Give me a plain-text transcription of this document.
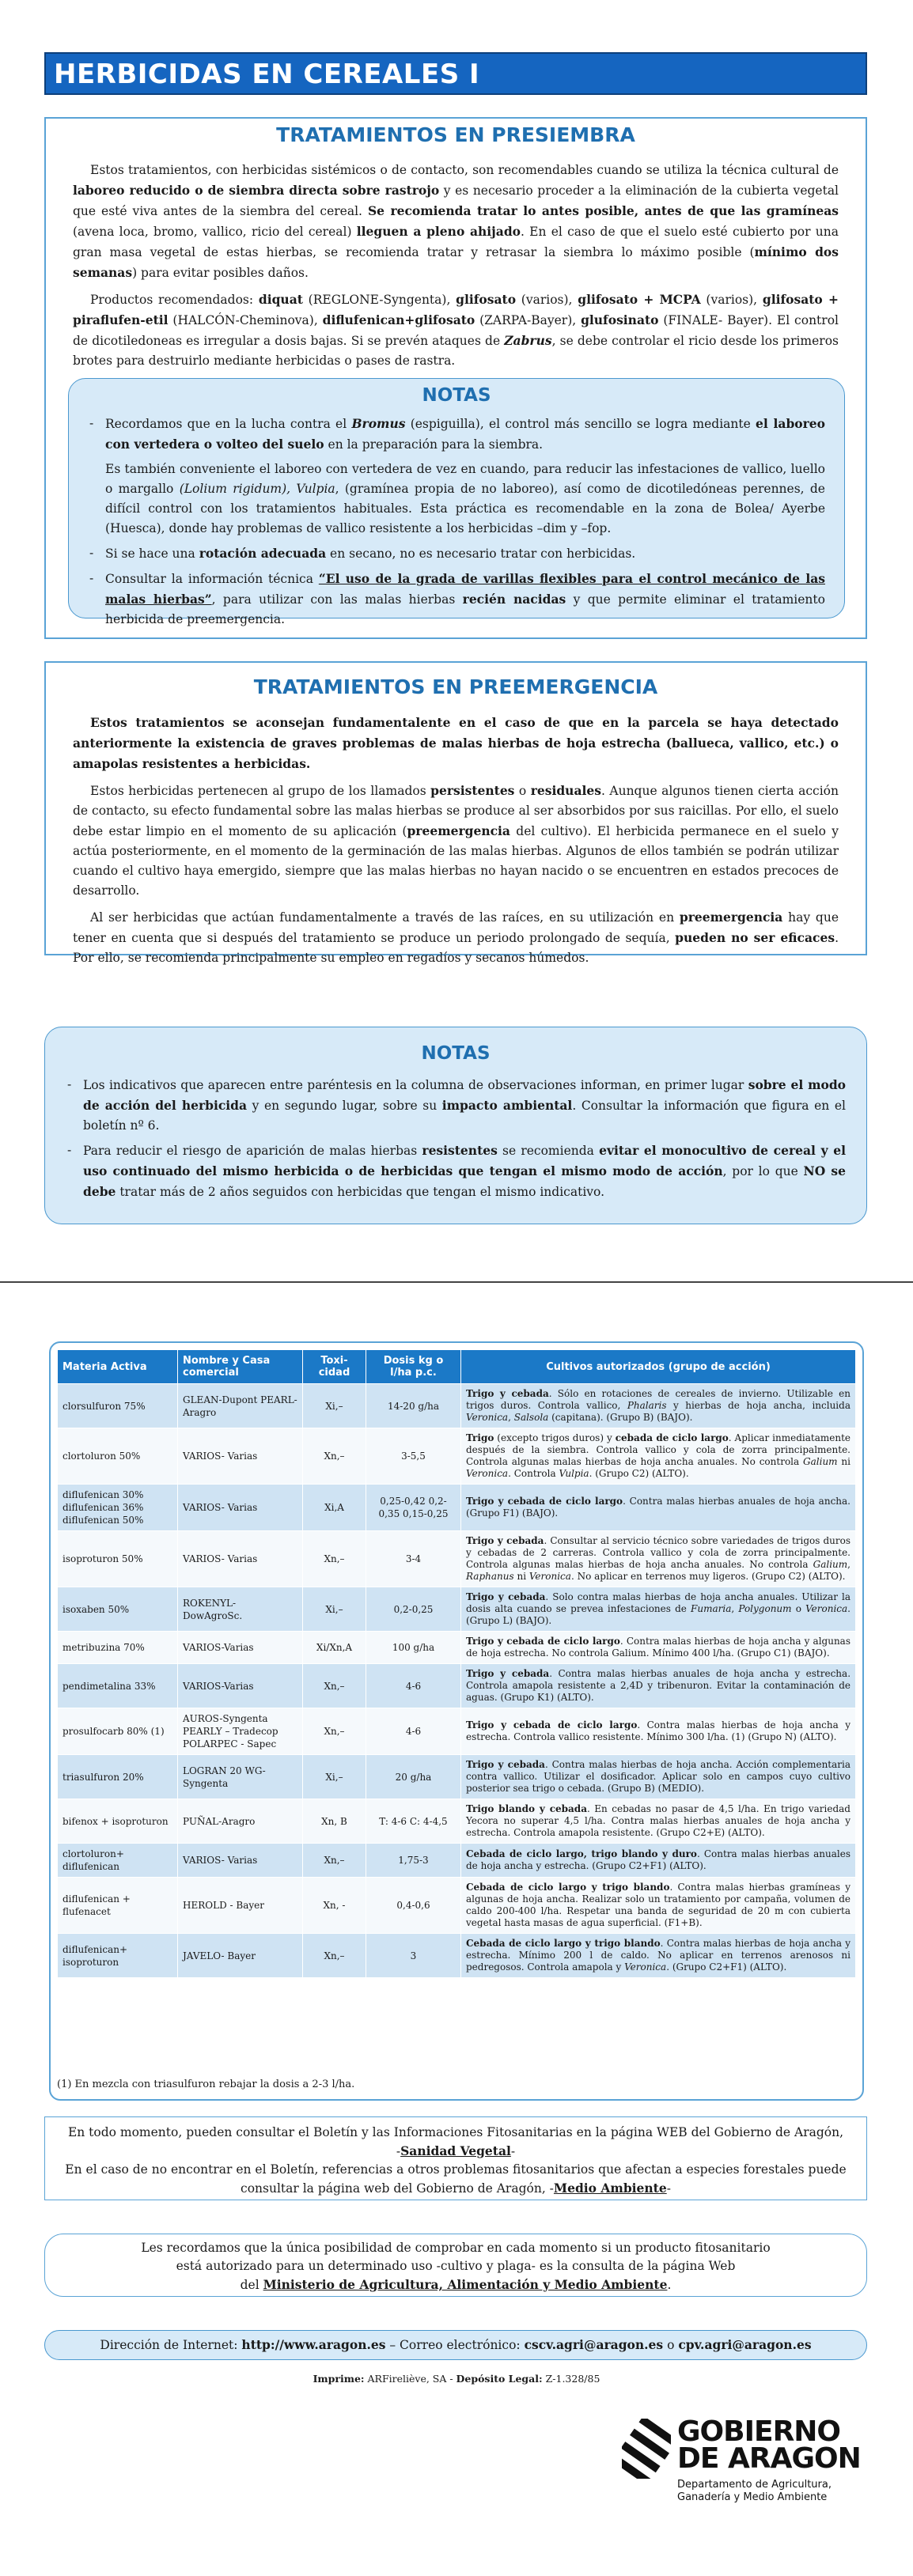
HERBICIDAS EN CEREALES I
TRATAMIENTOS EN PRESIEMBRA

Estos tratamientos, con herbicidas sistémicos o de contacto, son recomendables cuando se utiliza la técnica cultural de laboreo reducido o de siembra directa sobre rastrojo y es necesario proceder a la eliminación de la cubierta vegetal que esté viva antes de la siembra del cereal. Se recomienda tratar lo antes posible, antes de que las gramíneas (avena loca, bromo, vallico, ricio del cereal) lleguen a pleno ahijado. En el caso de que el suelo esté cubierto por una gran masa vegetal de estas hierbas, se recomienda tratar y retrasar la siembra lo máximo posible (mínimo dos semanas) para evitar posibles daños.

Productos recomendados: diquat (REGLONE-Syngenta), glifosato (varios), glifosato + MCPA (varios), glifosato + piraflufen-etil (HALCÓN-Cheminova), diflufenican+glifosato (ZARPA-Bayer), glufosinato (FINALE- Bayer). El control de dicotiledoneas es irregular a dosis bajas. Si se prevén ataques de Zabrus, se debe controlar el ricio desde los primeros brotes para destruirlo mediante herbicidas o pases de rastra.

NOTAS
- Recordamos que en la lucha contra el Bromus (espiguilla), el control más sencillo se logra mediante el laboreo con vertedera o volteo del suelo en la preparación para la siembra.
Es también conveniente el laboreo con vertedera de vez en cuando, para reducir las infestaciones de vallico, luello o margallo (Lolium rigidum), Vulpia, (gramínea propia de no laboreo), así como de dicotiledóneas perennes, de difícil control con los tratamientos habituales. Esta práctica es recomendable en la zona de Bolea/ Ayerbe (Huesca), donde hay problemas de vallico resistente a los herbicidas –dim y –fop.
- Si se hace una rotación adecuada en secano, no es necesario tratar con herbicidas.
- Consultar la información técnica “El uso de la grada de varillas flexibles para el control mecánico de las malas hierbas”, para utilizar con las malas hierbas recién nacidas y que permite eliminar el tratamiento herbicida de preemergencia.
TRATAMIENTOS EN PREEMERGENCIA

Estos tratamientos se aconsejan fundamentalente en el caso de que en la parcela se haya detectado anteriormente la existencia de graves problemas de malas hierbas de hoja estrecha (ballueca, vallico, etc.) o amapolas resistentes a herbicidas.

Estos herbicidas pertenecen al grupo de los llamados persistentes o residuales. Aunque algunos tienen cierta acción de contacto, su efecto fundamental sobre las malas hierbas se produce al ser absorbidos por sus raicillas. Por ello, el suelo debe estar limpio en el momento de su aplicación (preemergencia del cultivo). El herbicida permanece en el suelo y actúa posteriormente, en el momento de la germinación de las malas hierbas. Algunos de ellos también se podrán utilizar cuando el cultivo haya emergido, siempre que las malas hierbas no hayan nacido o se encuentren en estados precoces de desarrollo.

Al ser herbicidas que actúan fundamentalmente a través de las raíces, en su utilización en preemergencia hay que tener en cuenta que si después del tratamiento se produce un periodo prolongado de sequía, pueden no ser eficaces. Por ello, se recomienda principalmente su empleo en regadíos y secanos húmedos.

NOTAS
- Los indicativos que aparecen entre paréntesis en la columna de observaciones informan, en primer lugar sobre el modo de acción del herbicida y en segundo lugar, sobre su impacto ambiental. Consultar la información que figura en el boletín nº 6.
- Para reducir el riesgo de aparición de malas hierbas resistentes se recomienda evitar el monocultivo de cereal y el uso continuado del mismo herbicida o de herbicidas que tengan el mismo modo de acción, por lo que NO se debe tratar más de 2 años seguidos con herbicidas que tengan el mismo indicativo.
Materia Activa	Nombre y Casa comercial	Toxi-cidad	Dosis kg o l/ha p.c.	Cultivos autorizados (grupo de acción)
clorsulfuron 75%	GLEAN-Dupont PEARL-Aragro	Xi,–	14-20 g/ha	Trigo y cebada. Sólo en rotaciones de cereales de invierno. Utilizable en trigos duros. Controla vallico, Phalaris y hierbas de hoja ancha, incluida Veronica, Salsola (capitana). (Grupo B) (BAJO).
clortoluron 50%	VARIOS- Varias	Xn,–	3-5,5	Trigo (excepto trigos duros) y cebada de ciclo largo. Aplicar inmediatamente después de la siembra. Controla vallico y cola de zorra principalmente. Controla algunas malas hierbas de hoja ancha anuales. No controla Galium ni Veronica. Controla Vulpia. (Grupo C2) (ALTO).
diflufenican 30% diflufenican 36% diflufenican 50%	VARIOS- Varias	Xi,A	0,25-0,42 0,2-0,35 0,15-0,25	Trigo y cebada de ciclo largo. Contra malas hierbas anuales de hoja ancha. (Grupo F1) (BAJO).
isoproturon 50%	VARIOS- Varias	Xn,–	3-4	Trigo y cebada. Consultar al servicio técnico sobre variedades de trigos duros y cebadas de 2 carreras. Controla vallico y cola de zorra principalmente. Controla algunas malas hierbas de hoja ancha anuales. No controla Galium, Raphanus ni Veronica. No aplicar en terrenos muy ligeros. (Grupo C2) (ALTO).
isoxaben 50%	ROKENYL- DowAgroSc.	Xi,–	0,2-0,25	Trigo y cebada. Solo contra malas hierbas de hoja ancha anuales. Utilizar la dosis alta cuando se prevea infestaciones de Fumaria, Polygonum o Veronica. (Grupo L) (BAJO).
metribuzina 70%	VARIOS-Varias	Xi/Xn,A	100 g/ha	Trigo y cebada de ciclo largo. Contra malas hierbas de hoja ancha y algunas de hoja estrecha. No controla Galium. Mínimo 400 l/ha. (Grupo C1) (BAJO).
pendimetalina 33%	VARIOS-Varias	Xn,–	4-6	Trigo y cebada. Contra malas hierbas anuales de hoja ancha y estrecha. Controla amapola resistente a 2,4D y tribenuron. Evitar la contaminación de aguas. (Grupo K1) (ALTO).
prosulfocarb 80% (1)	AUROS-Syngenta PEARLY – Tradecop POLARPEC - Sapec	Xn,–	4-6	Trigo y cebada de ciclo largo. Contra malas hierbas de hoja ancha y estrecha. Controla vallico resistente. Mínimo 300 l/ha. (1) (Grupo N) (ALTO).
triasulfuron 20%	LOGRAN 20 WG-Syngenta	Xi,–	20 g/ha	Trigo y cebada. Contra malas hierbas de hoja ancha. Acción complementaria contra vallico. Utilizar el dosificador. Aplicar solo en campos cuyo cultivo posterior sea trigo o cebada. (Grupo B) (MEDIO).
bifenox + isoproturon	PUÑAL-Aragro	Xn, B	T: 4-6 C: 4-4,5	Trigo blando y cebada. En cebadas no pasar de 4,5 l/ha. En trigo variedad Yecora no superar 4,5 l/ha. Contra malas hierbas anuales de hoja ancha y estrecha. Controla amapola resistente. (Grupo C2+E) (ALTO).
clortoluron+ diflufenican	VARIOS- Varias	Xn,–	1,75-3	Cebada de ciclo largo, trigo blando y duro. Contra malas hierbas anuales de hoja ancha y estrecha. (Grupo C2+F1) (ALTO).
diflufenican + flufenacet	HEROLD - Bayer	Xn, -	0,4-0,6	Cebada de ciclo largo y trigo blando. Contra malas hierbas gramíneas y algunas de hoja ancha. Realizar solo un tratamiento por campaña, volumen de caldo 200-400 l/ha. Respetar una banda de seguridad de 20 m con cubierta vegetal hasta masas de agua superficial. (F1+B).
diflufenican+ isoproturon	JAVELO- Bayer	Xn,–	3	Cebada de ciclo largo y trigo blando. Contra malas hierbas de hoja ancha y estrecha. Mínimo 200 l de caldo. No aplicar en terrenos arenosos ni pedregosos. Controla amapola y Veronica. (Grupo C2+F1) (ALTO).
(1) En mezcla con triasulfuron rebajar la dosis a 2-3 l/ha.
En todo momento, pueden consultar el Boletín y las Informaciones Fitosanitarias en la página WEB del Gobierno de Aragón,
-Sanidad Vegetal-
En el caso de no encontrar en el Boletín, referencias a otros problemas fitosanitarios que afectan a especies forestales puede consultar la página web del Gobierno de Aragón, -Medio Ambiente-
Les recordamos que la única posibilidad de comprobar en cada momento si un producto fitosanitario
está autorizado para un determinado uso -cultivo y plaga- es la consulta de la página Web
del Ministerio de Agricultura, Alimentación y Medio Ambiente.
Dirección de Internet: http://www.aragon.es – Correo electrónico: cscv.agri@aragon.es o cpv.agri@aragon.es
Imprime: ARFireliève, SA - Depósito Legal: Z-1.328/85
GOBIERNO
DE ARAGON
Departamento de Agricultura,
Ganadería y Medio Ambiente
